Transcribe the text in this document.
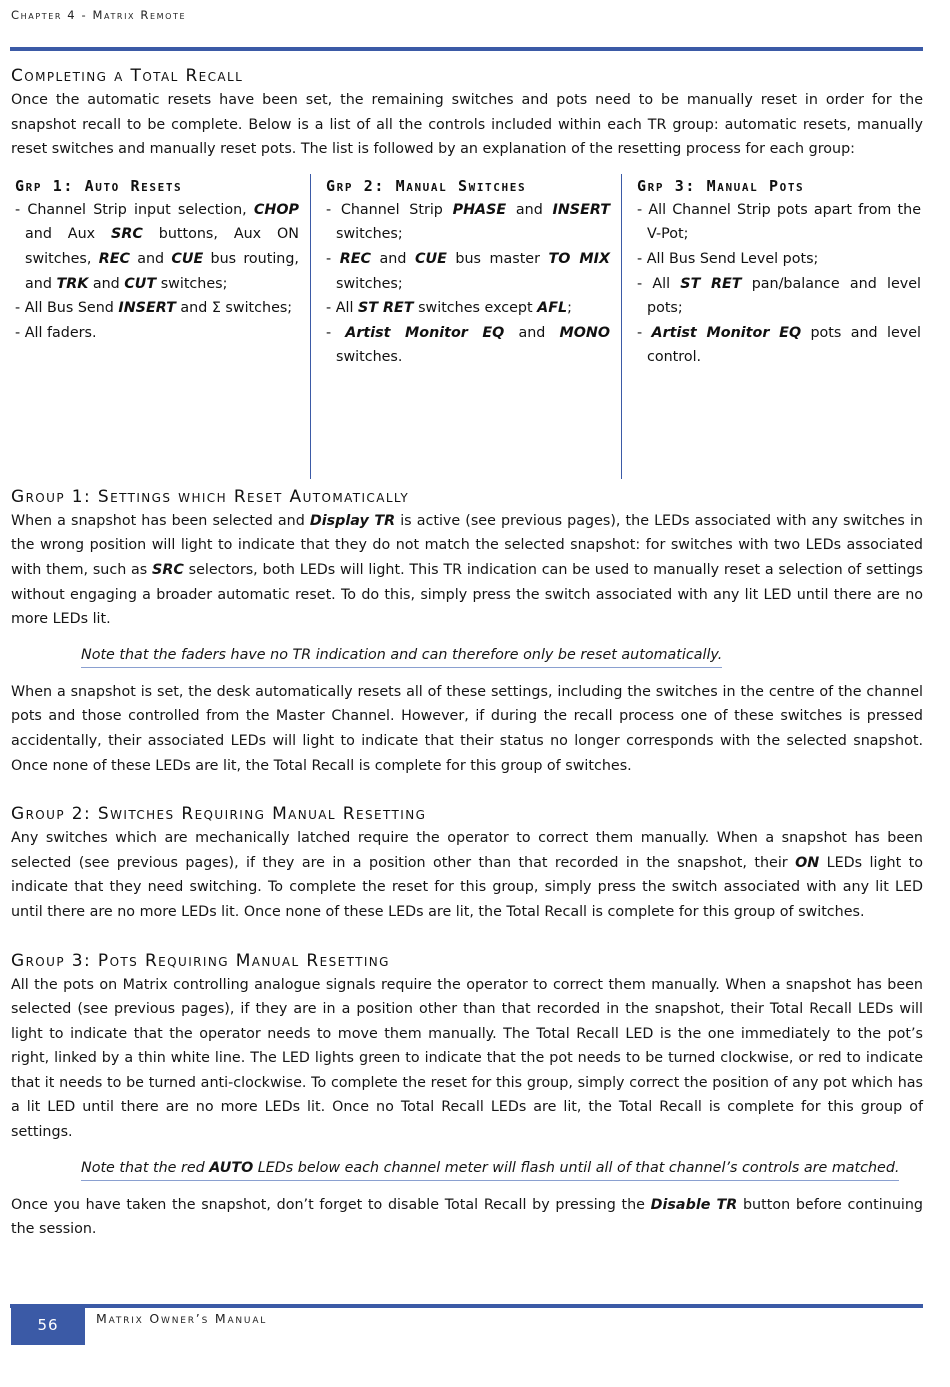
Chapter 4 - Matrix Remote
Completing a Total Recall

Once the automatic resets have been set, the remaining switches and pots need to be manually reset in order for the snapshot recall to be complete. Below is a list of all the controls included within each TR group: automatic resets, manually reset switches and manually reset pots. The list is followed by an explanation of the resetting process for each group:

Grp 1: Auto Resets
- Channel Strip input selection, CHOP and Aux SRC buttons, Aux ON switches, REC and CUE bus routing, and TRK and CUT switches;
- All Bus Send INSERT and Σ switches;
- All faders.
Grp 2: Manual Switches
- Channel Strip PHASE and INSERT switches;
- REC and CUE bus master TO MIX switches;
- All ST RET switches except AFL;
- Artist Monitor EQ and MONO switches.
Grp 3: Manual Pots
- All Channel Strip pots apart from the V-Pot;
- All Bus Send Level pots;
- All ST RET pan/balance and level pots;
- Artist Monitor EQ pots and level control.
Group 1: Settings which Reset Automatically

When a snapshot has been selected and Display TR is active (see previous pages), the LEDs associated with any switches in the wrong position will light to indicate that they do not match the selected snapshot: for switches with two LEDs associated with them, such as SRC selectors, both LEDs will light. This TR indication can be used to manually reset a selection of settings without engaging a broader automatic reset. To do this, simply press the switch associated with any lit LED until there are no more LEDs lit.

Note that the faders have no TR indication and can therefore only be reset automatically.

When a snapshot is set, the desk automatically resets all of these settings, including the switches in the centre of the channel pots and those controlled from the Master Channel. However, if during the recall process one of these switches is pressed accidentally, their associated LEDs will light to indicate that their status no longer corresponds with the selected snapshot. Once none of these LEDs are lit, the Total Recall is complete for this group of switches.

Group 2: Switches Requiring Manual Resetting

Any switches which are mechanically latched require the operator to correct them manually. When a snapshot has been selected (see previous pages), if they are in a position other than that recorded in the snapshot, their ON LEDs light to indicate that they need switching. To complete the reset for this group, simply press the switch associated with any lit LED until there are no more LEDs lit. Once none of these LEDs are lit, the Total Recall is complete for this group of switches.

Group 3: Pots Requiring Manual Resetting

All the pots on Matrix controlling analogue signals require the operator to correct them manually. When a snapshot has been selected (see previous pages), if they are in a position other than that recorded in the snapshot, their Total Recall LEDs will light to indicate that the operator needs to move them manually. The Total Recall LED is the one immediately to the pot’s right, linked by a thin white line. The LED lights green to indicate that the pot needs to be turned clockwise, or red to indicate that it needs to be turned anti-clockwise. To complete the reset for this group, simply correct the position of any pot which has a lit LED until there are no more LEDs lit. Once no Total Recall LEDs are lit, the Total Recall is complete for this group of settings.

Note that the red AUTO LEDs below each channel meter will flash until all of that channel’s controls are matched.

Once you have taken the snapshot, don’t forget to disable Total Recall by pressing the Disable TR button before continuing the session.

56	Matrix Owner’s Manual
